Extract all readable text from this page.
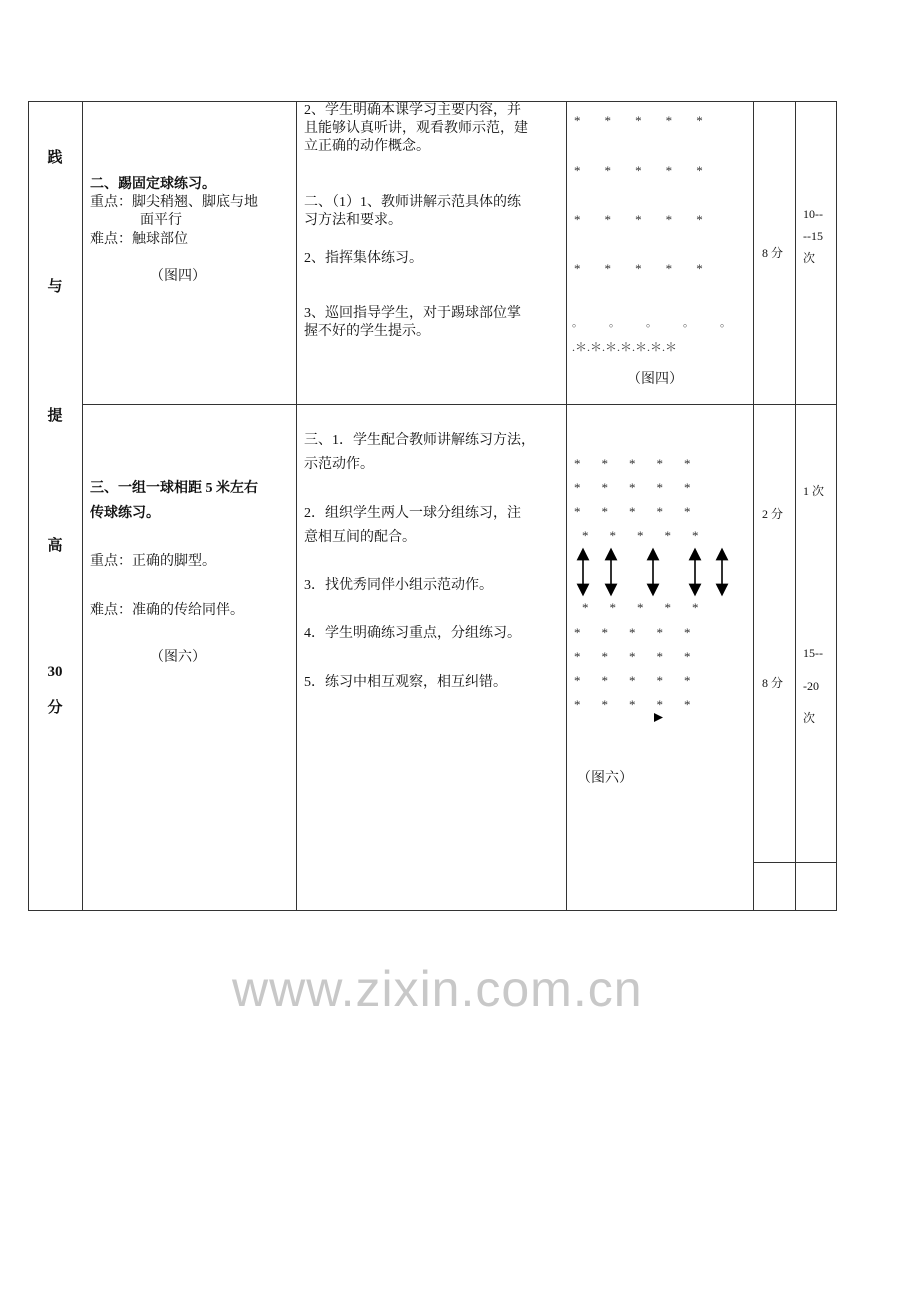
践
与
提
高
30
分
二、踢固定球练习。
重点：脚尖稍翘、脚底与地
面平行
难点：触球部位
（图四）
2、学生明确本课学习主要内容，并
且能够认真听讲，观看教师示范，建
立正确的动作概念。
二、（1）1、教师讲解示范具体的练
习方法和要求。
2、指挥集体练习。
3、巡回指导学生，对于踢球部位掌
握不好的学生提示。
*     *     *     *     *
*     *     *     *     *
*     *     *     *     *
*     *     *     *     *
。    。    。    。    。
.＊.＊.＊.＊.＊.＊.＊
（图四）
8 分
10--
--15
次
三、一组一球相距 5 米左右
传球练习。
重点：正确的脚型。
难点：准确的传给同伴。
（图六）
三、1．学生配合教师讲解练习方法，
示范动作。
2．组织学生两人一球分组练习，注
意相互间的配合。
3．找优秀同伴小组示范动作。
4．学生明确练习重点，分组练习。
5．练习中相互观察，相互纠错。
*    *    *    *    *
*    *    *    *    *
*    *    *    *    *
*    *    *    *    *
*    *    *    *    *
*    *    *    *    *
*    *    *    *    *
*    *    *    *    *
*    *    *    *    *
（图六）
2 分
8 分
1 次
15--
-20
次
www.zixin.com.cn
